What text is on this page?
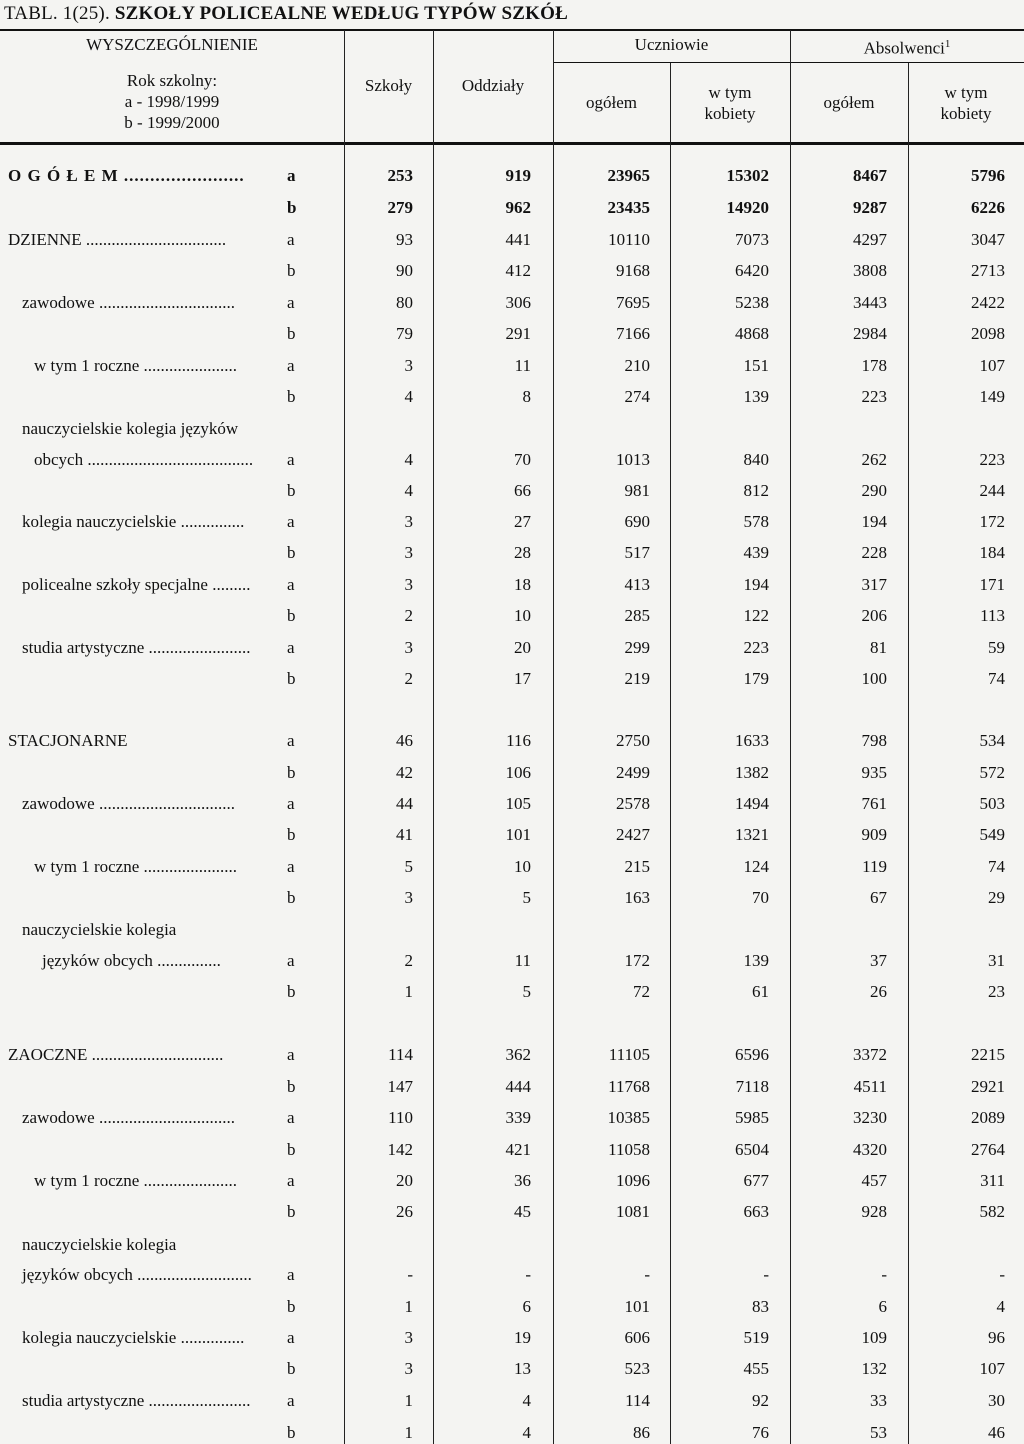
TABL. 1(25). SZKOŁY POLICEALNE WEDŁUG TYPÓW SZKÓŁ
WYSZCZEGÓLNIENIE
Rok szkolny:
a - 1998/1999
b - 1999/2000
Szkoły	Oddziały
Uczniowie	Absolwenci$^1$
ogółem
w tym
kobiety
ogółem
w tym
kobiety
O G Ó Ł E M ....................... a	253	919	23965	15302	8467	5796
b	279	962	23435	14920	9287	6226
DZIENNE .................................	a	93	441	10110	7073	4297	3047
b	90	412	9168	6420	3808	2713
zawodowe ................................	a	80	306	7695	5238	3443	2422
b	79	291	7166	4868	2984	2098
w tym 1 roczne ......................	a	3	11	210	151	178	107
b	4	8	274	139	223	149
nauczycielskie kolegia języków
obcych ....................................... a	4	70	1013	840	262	223
b	4	66	981	812	290	244
kolegia nauczycielskie ...............	a	3	27	690	578	194	172
b	3	28	517	439	228	184
policealne szkoły specjalne ......... a	3	18	413	194	317	171
b	2	10	285	122	206	113
studia artystyczne ........................ a	3	20	299	223	81	59
b	2	17	219	179	100	74
STACJONARNE	a	46	116	2750	1633	798	534
b	42	106	2499	1382	935	572
zawodowe ................................	a	44	105	2578	1494	761	503
b	41	101	2427	1321	909	549
w tym 1 roczne ......................	a	5	10	215	124	119	74
b	3	5	163	70	67	29
nauczycielskie kolegia
języków obcych ...............	a	2	11	172	139	37	31
b	1	5	72	61	26	23
ZAOCZNE ...............................	a	114	362	11105	6596	3372	2215
b	147	444	11768	7118	4511	2921
zawodowe ................................	a	110	339	10385	5985	3230	2089
b	142	421	11058	6504	4320	2764
w tym 1 roczne ......................	a	20	36	1096	677	457	311
b	26	45	1081	663	928	582
nauczycielskie kolegia
języków obcych ........................... a	-	-	-	-	-	-
b	1	6	101	83	6	4
kolegia nauczycielskie ...............	a	3	19	606	519	109	96
b	3	13	523	455	132	107
studia artystyczne ........................ a	1	4	114	92	33	30
b	1	4	86	76	53	46
